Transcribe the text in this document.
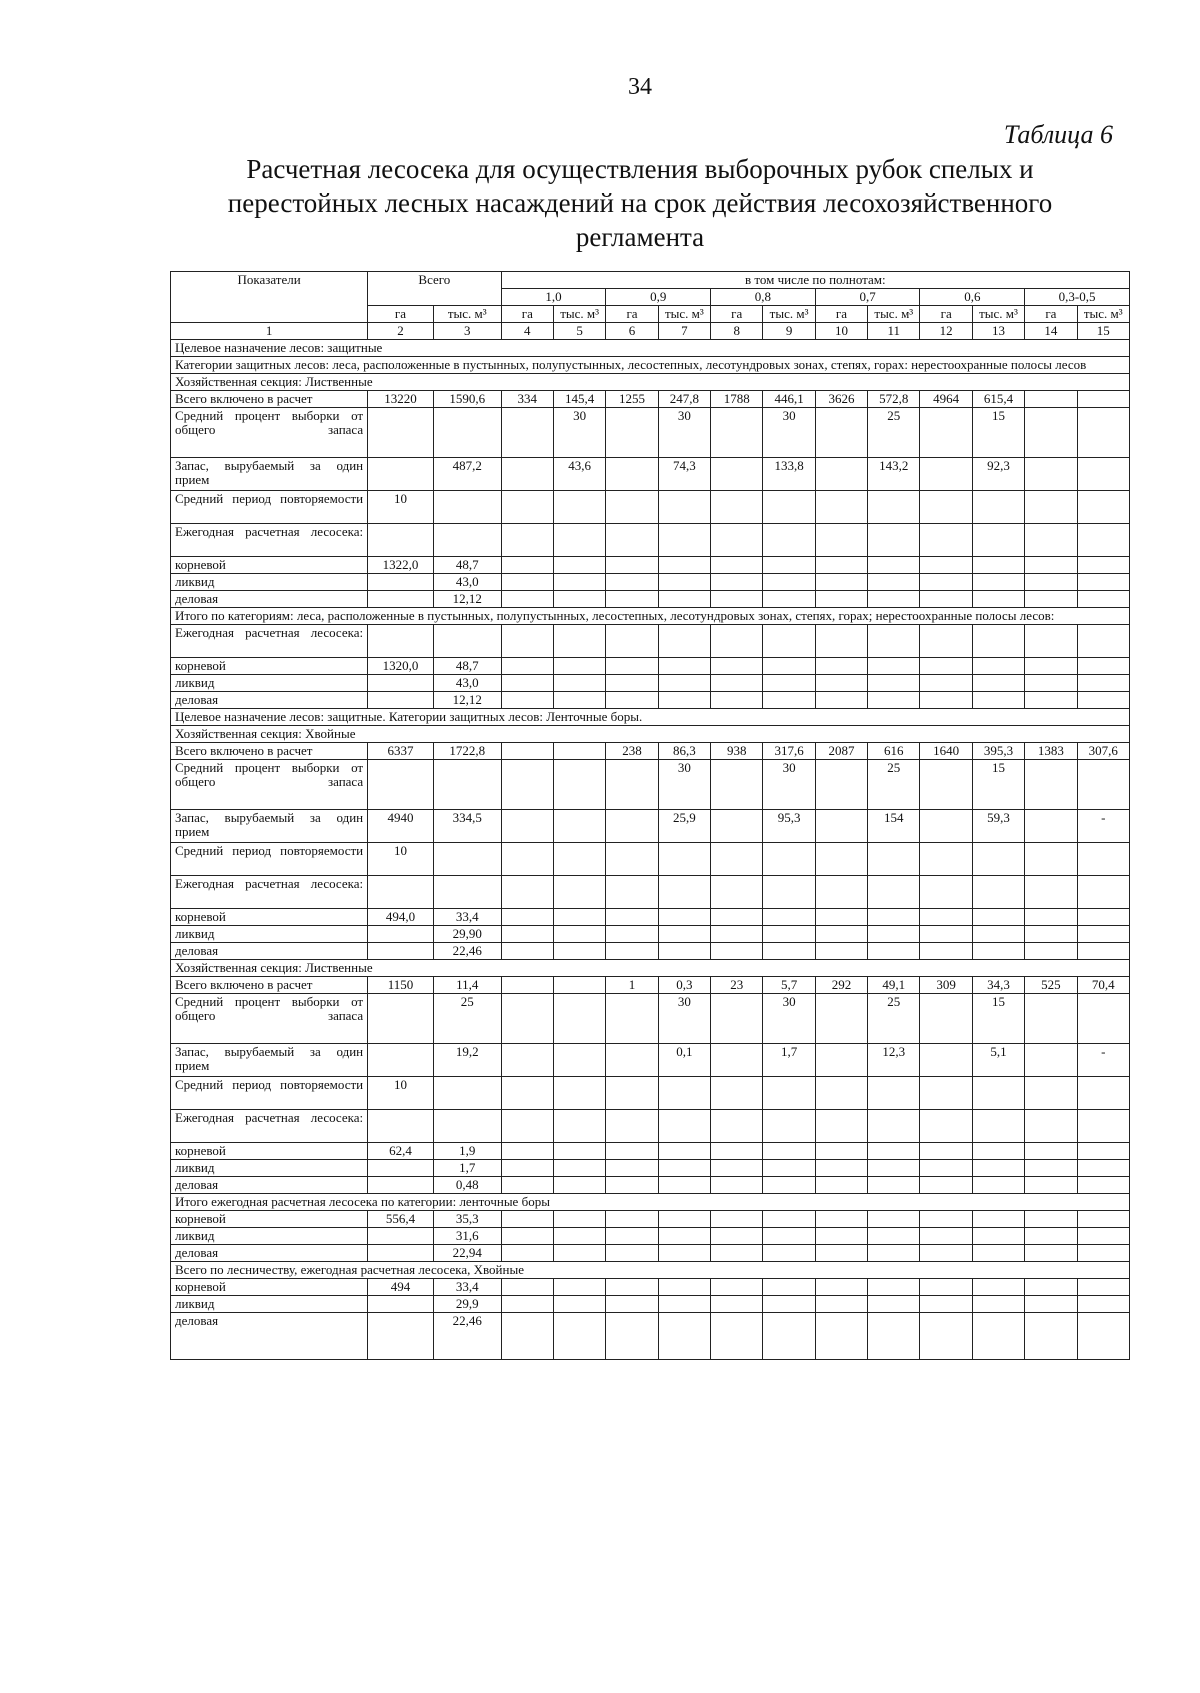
34
Таблица 6
Расчетная лесосека для осуществления выборочных рубок спелых и перестойных лесных насаждений на срок действия лесохозяйственного регламента
Показатели	Всего		в том числе по полнотам:											
			1,0		0,9		0,8		0,7		0,6		0,3-0,5	
	га	тыс. м³	га	тыс. м³	га	тыс. м³	га	тыс. м³	га	тыс. м³	га	тыс. м³	га	тыс. м³
1	2	3	4	5	6	7	8	9	10	11	12	13	14	15
Целевое назначение лесов: защитные														
Категории защитных лесов: леса, расположенные в пустынных, полупустынных, лесостепных, лесотундровых зонах, степях, горах: нерестоохранные полосы лесов														
Хозяйственная секция: Лиственные														
Всего включено в расчет	13220	1590,6	334	145,4	1255	247,8	1788	446,1	3626	572,8	4964	615,4		
Средний процент выборки от общего запаса				30		30		30		25		15		
Запас, вырубаемый за один прием		487,2		43,6		74,3		133,8		143,2		92,3		
Средний период повторяемости	10													
Ежегодная расчетная лесосека:														
корневой	1322,0	48,7												
ликвид		43,0												
деловая		12,12												
Итого по категориям: леса, расположенные в пустынных, полупустынных, лесостепных, лесотундровых зонах, степях, горах; нерестоохранные полосы лесов:														
Ежегодная расчетная лесосека:														
корневой	1320,0	48,7												
ликвид		43,0												
деловая		12,12												
Целевое назначение лесов: защитные. Категории защитных лесов: Ленточные боры.														
Хозяйственная секция: Хвойные														
Всего включено в расчет	6337	1722,8			238	86,3	938	317,6	2087	616	1640	395,3	1383	307,6
Средний процент выборки от общего запаса						30		30		25		15		
Запас, вырубаемый за один прием	4940	334,5				25,9		95,3		154		59,3		-
Средний период повторяемости	10													
Ежегодная расчетная лесосека:														
корневой	494,0	33,4												
ликвид		29,90												
деловая		22,46												
Хозяйственная секция: Лиственные														
Всего включено в расчет	1150	11,4			1	0,3	23	5,7	292	49,1	309	34,3	525	70,4
Средний процент выборки от общего запаса		25				30		30		25		15		
Запас, вырубаемый за один прием		19,2				0,1		1,7		12,3		5,1		-
Средний период повторяемости	10													
Ежегодная расчетная лесосека:														
корневой	62,4	1,9												
ликвид		1,7												
деловая		0,48												
Итого ежегодная расчетная лесосека по категории: ленточные боры														
корневой	556,4	35,3												
ликвид		31,6												
деловая		22,94												
Всего по лесничеству, ежегодная расчетная лесосека, Хвойные														
корневой	494	33,4												
ликвид		29,9												
деловая		22,46												
